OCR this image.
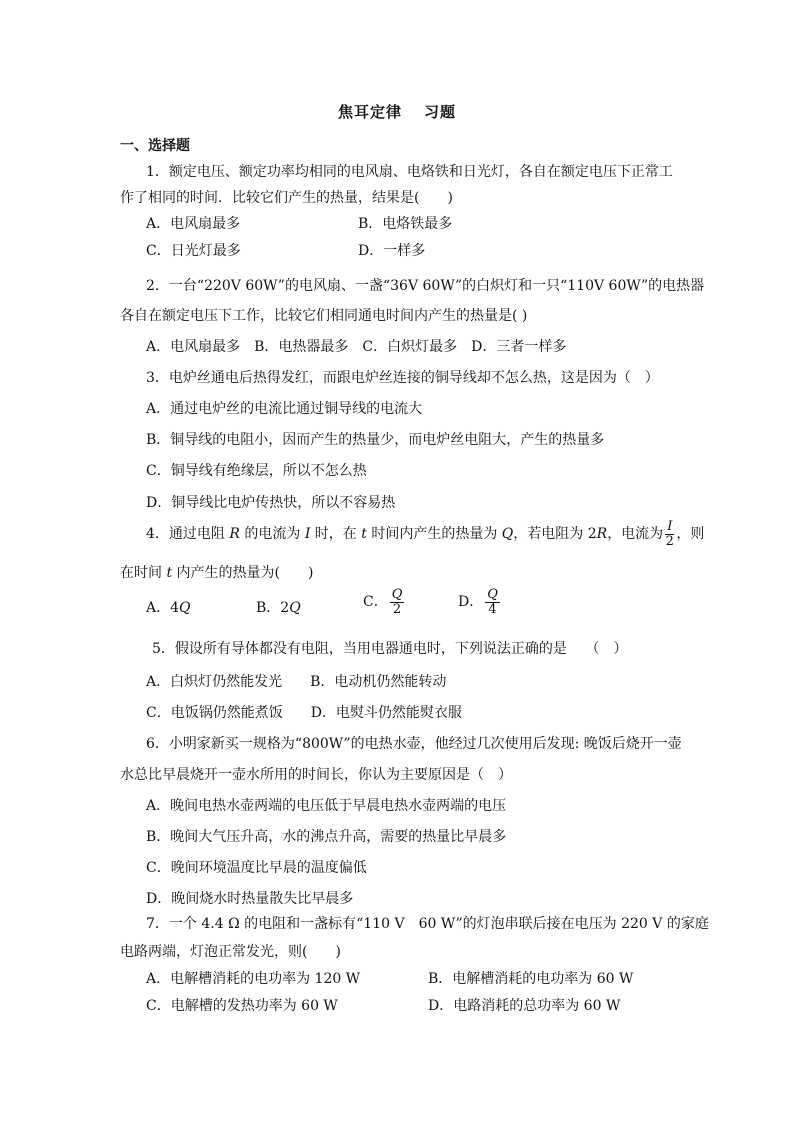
焦耳定律 习题
一、选择题
1．额定电压、额定功率均相同的电风扇、电烙铁和日光灯，各自在额定电压下正常工
作了相同的时间．比较它们产生的热量，结果是(　　)
A．电风扇最多	B．电烙铁最多
C．日光灯最多	D．一样多
2．一台“220V 60W”的电风扇、一盏“36V 60W”的白炽灯和一只“110V 60W”的电热器
各自在额定电压下工作，比较它们相同通电时间内产生的热量是( )
A．电风扇最多　B．电热器最多　C．白炽灯最多　D．三者一样多
3．电炉丝通电后热得发红，而跟电炉丝连接的铜导线却不怎么热，这是因为（　）
A．通过电炉丝的电流比通过铜导线的电流大
B．铜导线的电阻小，因而产生的热量少，而电炉丝电阻大，产生的热量多
C．铜导线有绝缘层，所以不怎么热
D．铜导线比电炉传热快，所以不容易热
4．通过电阻 R 的电流为 I 时，在 t 时间内产生的热量为 Q，若电阻为 2R，电流为 $\frac{I}{2}$ ，则
在时间 t 内产生的热量为(　　)
A．4Q	B．2Q	C． $\frac{Q}{2}$	D． $\frac{Q}{4}$
5．假设所有导体都没有电阻，当用电器通电时，下列说法正确的是　 （　）
A．白炽灯仍然能发光　　B．电动机仍然能转动
C．电饭锅仍然能煮饭　　D．电熨斗仍然能熨衣服
6．小明家新买一规格为“800W”的电热水壶，他经过几次使用后发现: 晚饭后烧开一壶
水总比早晨烧开一壶水所用的时间长，你认为主要原因是（　）
A．晚间电热水壶两端的电压低于早晨电热水壶两端的电压
B．晚间大气压升高，水的沸点升高，需要的热量比早晨多
C．晚间环境温度比早晨的温度偏低
D．晚间烧水时热量散失比早晨多
7．一个 4.4 Ω 的电阻和一盏标有“110 V　60 W”的灯泡串联后接在电压为 220 V 的家庭
电路两端，灯泡正常发光，则(　　)
A．电解槽消耗的电功率为 120 W	B．电解槽消耗的电功率为 60 W
C．电解槽的发热功率为 60 W	D．电路消耗的总功率为 60 W
